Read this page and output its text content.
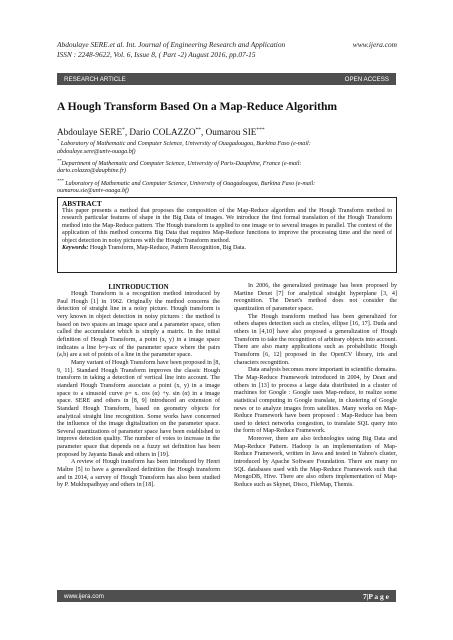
Abdoulaye SERE.et al. Int. Journal of Engineering Research and Application	www.ijera.com
ISSN : 2248-9622, Vol. 6, Issue 8, ( Part -2) August 2016, pp.07-15
RESEARCH ARTICLE	OPEN ACCESS
A Hough Transform Based On a Map-Reduce Algorithm
Abdoulaye SERE*, Dario COLAZZO**, Oumarou SIE***

* Laboratory of Mathematic and Computer Science, University of Ouagadougou, Burkina Faso (e-mail:
abdoulaye.sere@univ-ouaga.bf)

**Department of Mathematic and Computer Science, University of Paris-Dauphine, France (e-mail:
dario.colazzo@dauphine.fr)

*** Laboratory of Mathematic and Computer Science, University of Ouagadougou, Burkina Faso (e-mail:
oumarou.sie@univ-ouaga.bf)

ABSTRACT

This paper presents a method that proposes the composition of the Map-Reduce algorithm and the Hough Transform method to research particular features of shape in the Big Data of images. We introduce the first formal translation of the Hough Transform method into the Map-Reduce pattern. The Hough transform is applied to one image or to several images in parallel. The context of the application of this method concerns Big Data that requires Map-Reduce functions to improve the processing time and the need of object detection in noisy pictures with the Hough Transform method.

Keywords: Hough Transform, Map-Reduce, Pattern Recognition, Big Data.

I.INTRODUCTION

Hough Transform is a recognition method introduced by Paul Hough [1] in 1962. Originally the method concerns the detection of straight line in a noisy picture. Hough transform is very known in object detection in noisy pictures : the method is based on two spaces an image space and a parameter space, often called the accumulator which is simply a matrix. In the initial definition of Hough Transform, a point (x, y) in a image space indicates a line b=y-ax of the parameter space where the pairs (a,b) are a set of points of a line in the parameter space.

Many variant of Hough Transform have been proposed in [8, 9, 11]. Standard Hough Transform improves the classic Hough transform in taking a detection of vertical line into account. The standard Hough Transform associate a point (x, y) in a image space to a sinusoid curve ρ= x. cos (α) +y. sin (α) in a image space. SERE and others in [8, 9] introduced an extension of Standard Hough Transform, based on geometry objects for analytical straight line recognition. Some works have concerned the influence of the image digitalization on the parameter space. Several quantizations of parameter space have been established to improve detection quality. The number of votes to increase in the parameter space that depends on a fuzzy set definition has been proposed by Jayanta Basak and others in [19].

A review of Hough transform has been introduced by Henri Maître [5] to have a generalized definition the Hough transform and in 2014, a survey of Hough Transform has also been studied by P. Mukhopadhyay and others in [18].

In 2006, the generalized preimage has been proposed by Martine Dexet [7] for analytical straight hyperplane [3, 4] recognition. The Dexet's method does not consider the quantization of parameter space.

The Hough transform method has been generalized for others shapes detection such as circles, ellipse [16, 17]. Duda and others in [4,10] have also proposed a generalization of Hough Transform to take the recognition of arbitrary objects into account. There are also many applications such as probabilistic Hough Transform [6, 12] proposed in the OpenCV library, iris and characters recognition.

Data analysis becomes more important in scientific domains. The Map-Reduce Framework introduced in 2004, by Dean and others in [13] to process a large data distributed in a cluster of machines for Google : Google uses Map-reduce, to realize some statistical computing in Google translate, in clustering of Google news or to analyze images from satellites. Many works on Map-Reduce Framework have been proposed : Map-Reduce has been used to detect networks congestion, to translate SQL query into the form of Map-Reduce Framework.

Moreover, there are also technologies using Big Data and Map-Reduce Pattern. Hadoop is an implementation of Map-Reduce Framework, written in Java and tested in Yahoo's cluster, introduced by Apache Software Foundation. There are many no SQL databases used with the Map-Reduce Framework such that MongoDB, Hive. There are also others implementation of Map-Reduce such as Skynet, Disco, FileMap, Themis.

www.ijera.com	7|P a g e
